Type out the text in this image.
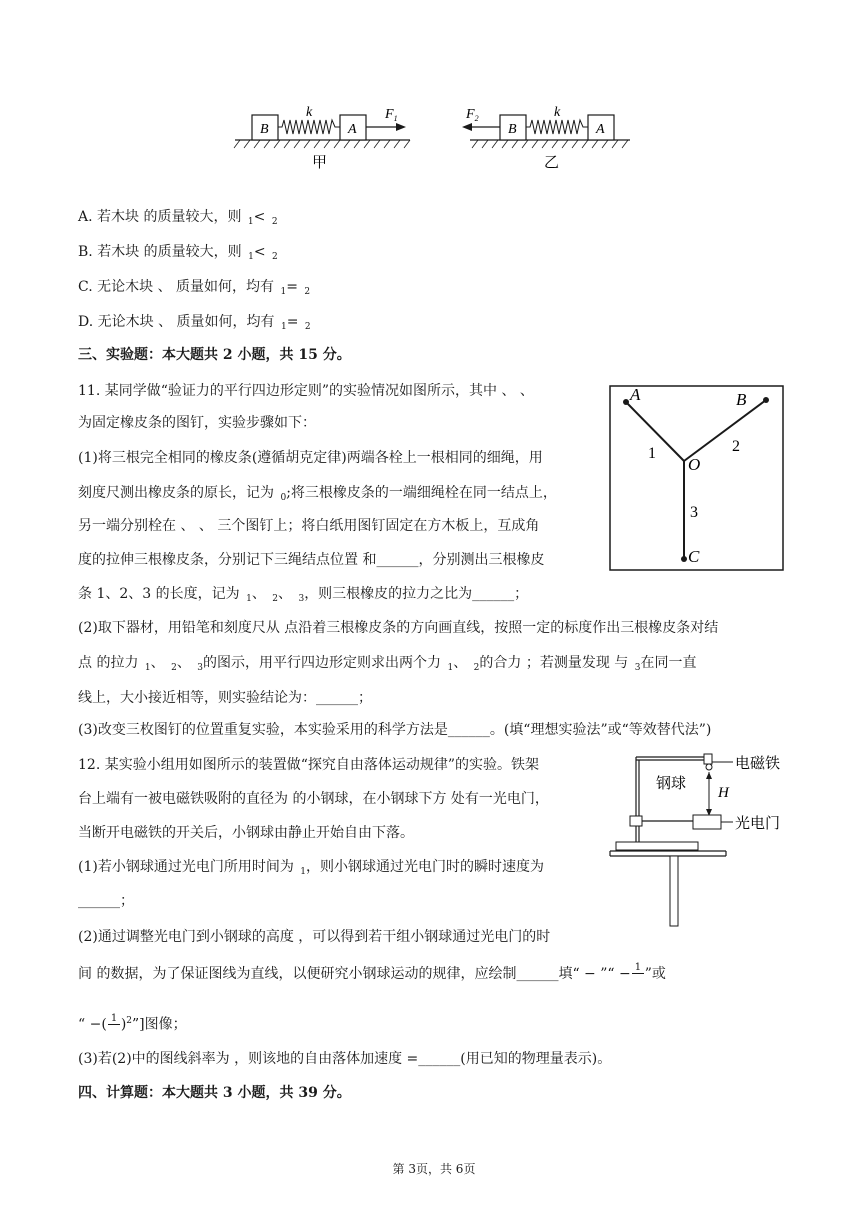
B
k
A
$F_1$
甲
$F_2$
B
k
A
乙
A. 若木块 的质量较大，则 $_1$< $_2$
B. 若木块 的质量较大，则 $_1$< $_2$
C. 无论木块 、 质量如何，均有 $_1$= $_2$
D. 无论木块 、 质量如何，均有 $_1$= $_2$
三、实验题：本大题共 2 小题，共 15 分。
11. 某同学做“验证力的平行四边形定则”的实验情况如图所示，其中 、 、
为固定橡皮条的图钉，实验步骤如下：
(1)将三根完全相同的橡皮条(遵循胡克定律)两端各栓上一根相同的细绳，用
刻度尺测出橡皮条的原长，记为 $_0$;将三根橡皮条的一端细绳栓在同一结点上，
另一端分别栓在 、 、 三个图钉上；将白纸用图钉固定在方木板上，互成角
度的拉伸三根橡皮条，分别记下三绳结点位置 和______，分别测出三根橡皮
条 1、2、3 的长度，记为 $_1$、 $_2$、 $_3$，则三根橡皮的拉力之比为______；
(2)取下器材，用铅笔和刻度尺从 点沿着三根橡皮条的方向画直线，按照一定的标度作出三根橡皮条对结
点 的拉力 $_1$、 $_2$、 $_3$的图示，用平行四边形定则求出两个力 $_1$、 $_2$的合力 ；若测量发现 与 $_3$在同一直
线上，大小接近相等，则实验结论为：______；
(3)改变三枚图钉的位置重复实验，本实验采用的科学方法是______。(填“理想实验法”或“等效替代法”)
A	B
O
C
1	2
3
12. 某实验小组用如图所示的装置做“探究自由落体运动规律”的实验。铁架
台上端有一被电磁铁吸附的直径为 的小钢球，在小钢球下方 处有一光电门，
当断开电磁铁的开关后，小钢球由静止开始自由下落。
(1)若小钢球通过光电门所用时间为 $_1$，则小钢球通过光电门时的瞬时速度为
______；
(2)通过调整光电门到小钢球的高度 ，可以得到若干组小钢球通过光电门的时
间 的数据，为了保证图线为直线，以便研究小钢球运动的规律，应绘制______填“ − ”“ − 1 ”或
“ −( 1 )$^2$”]图像；
(3)若(2)中的图线斜率为 ，则该地的自由落体加速度 =______(用已知的物理量表示)。
电磁铁
钢球
H
光电门
四、计算题：本大题共 3 小题，共 39 分。
第 3页，共 6页
